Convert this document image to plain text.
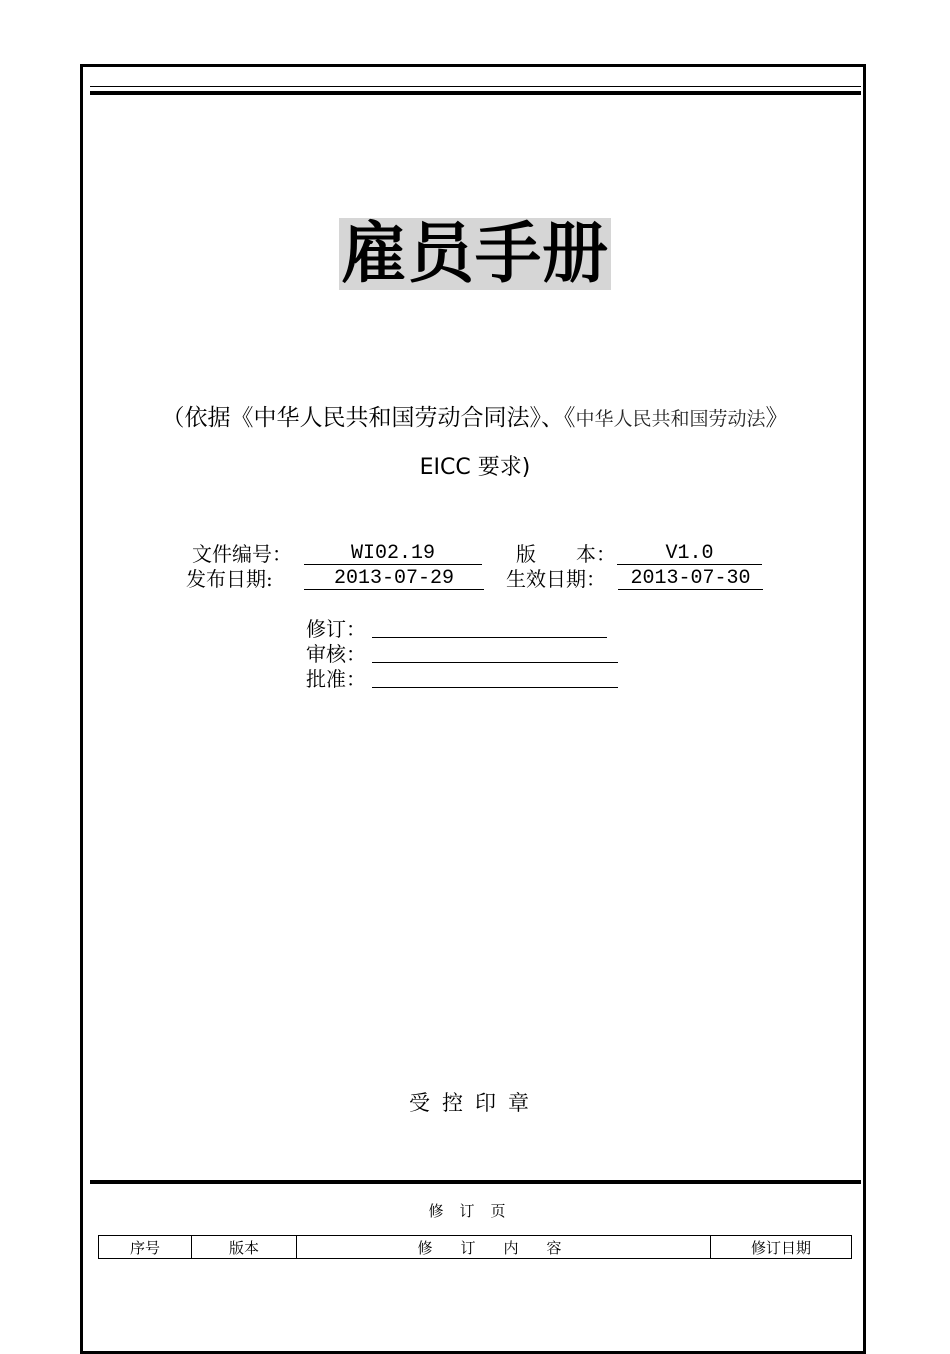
雇员手册
（依据《中华人民共和国劳动合同法》、《中华人民共和国劳动法》
EICC 要求)
文件编号：	WI02.19	版　　本：	V1.0
发布日期:	2013-07-29	生效日期：	2013-07-30
修订：
审核：
批准：
受控印章
修订页
序号	版本	修订内容	修订日期
